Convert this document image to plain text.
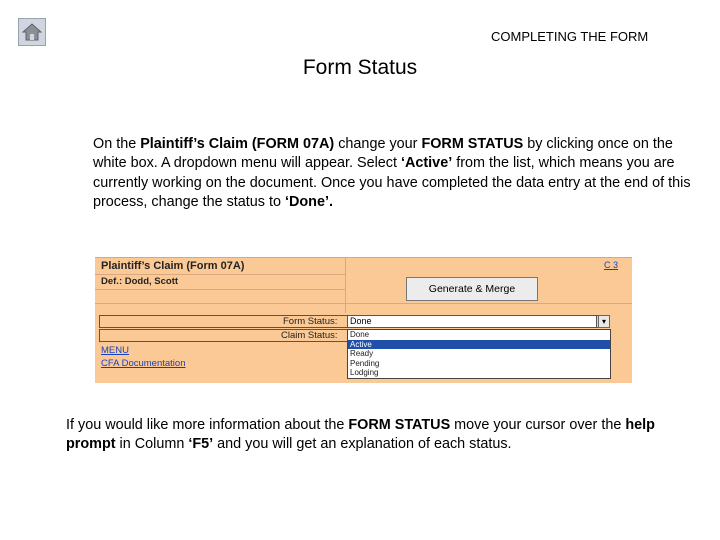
COMPLETING THE FORM
Form Status
On the Plaintiff’s Claim (FORM 07A) change your FORM STATUS by clicking once on the white box. A dropdown menu will appear. Select ‘Active’ from the list, which means you are currently working on the document. Once you have completed the data entry at the end of this process, change the status to ‘Done’.
Plaintiff’s Claim (Form 07A)
Def.: Dodd, Scott
C 3
Generate & Merge
Form Status:
Claim Status:
Done	▾
Done
Active
Ready
Pending
Lodging
MENU
CFA Documentation
If you would like more information about the FORM STATUS move your cursor over the help prompt in Column ‘F5’ and you will get an explanation of each status.
